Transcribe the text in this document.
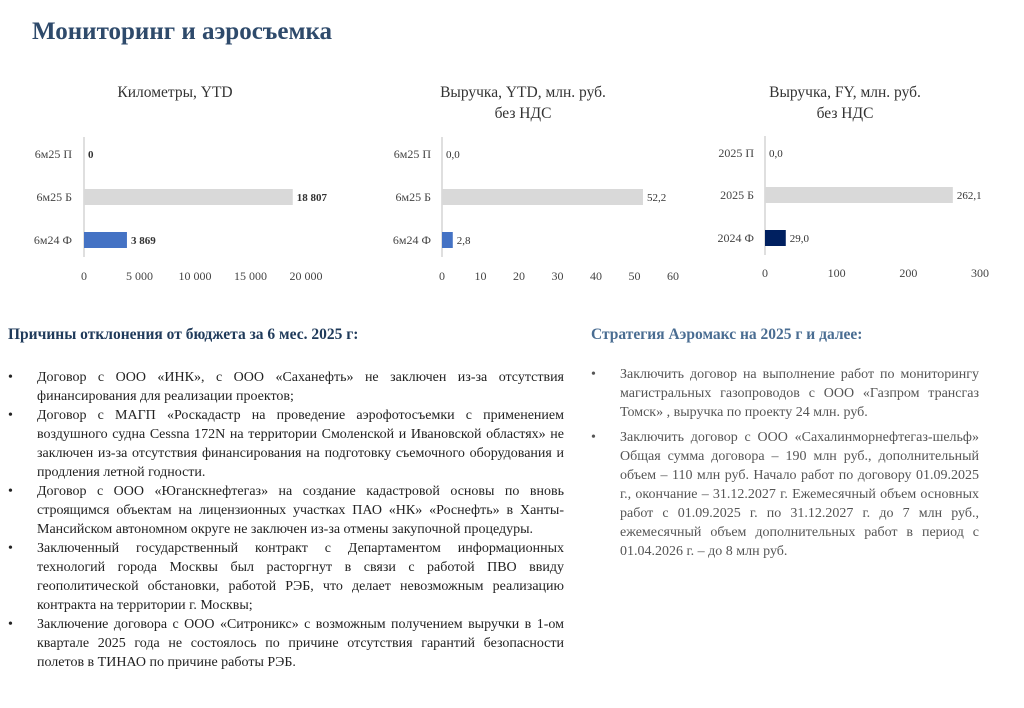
Мониторинг и аэросъемка
Километры, YTD
6м24 Ф	3 869
6м25 Б	18 807
6м25 П 0
0	5 000 10 000 15 000 20 000
Выручка, YTD, млн. руб.
без НДС
6м24 Ф 2,8
6м25 Б	52,2
6м25 П 0,0
0 10 20 30 40 50 60
Выручка, FY, млн. руб.
без НДС
2024 Ф	29,0
2025 Б	262,1
2025 П 0,0
0	100	200	300
Причины отклонения от бюджета за 6 мес. 2025 г:
• Договор с ООО «ИНК», с ООО «Саханефть» не заключен из-за отсутствия финансирования для реализации проектов;
• Договор с МАГП «Роскадастр на проведение аэрофотосъемки с применением воздушного судна Cessna 172N на территории Смоленской и Ивановской областях» не заключен из-за отсутствия финансирования на подготовку съемочного оборудования и продления летной годности.
• Договор с ООО «Юганскнефтегаз» на создание кадастровой основы по вновь строящимся объектам на лицензионных участках ПАО «НК» «Роснефть» в Ханты-Мансийском автономном округе не заключен из-за отмены закупочной процедуры.
• Заключенный государственный контракт с Департаментом информационных технологий города Москвы был расторгнут в связи с работой ПВО ввиду геополитической обстановки, работой РЭБ, что делает невозможным реализацию контракта на территории г. Москвы;
• Заключение договора с ООО «Ситроникс» с возможным получением выручки в 1-ом квартале 2025 года не состоялось по причине отсутствия гарантий безопасности полетов в ТИНАО по причине работы РЭБ.
Стратегия Аэромакс на 2025 г и далее:
• Заключить договор на выполнение работ по мониторингу магистральных газопроводов с ООО «Газпром трансгаз Томск» , выручка по проекту 24 млн. руб.
• Заключить договор с ООО «Сахалинморнефтегаз-шельф» Общая сумма договора – 190 млн руб., дополнительный объем – 110 млн руб. Начало работ по договору 01.09.2025 г., окончание – 31.12.2027 г. Ежемесячный объем основных работ с 01.09.2025 г. по 31.12.2027 г. до 7 млн руб., ежемесячный объем дополнительных работ в период с 01.04.2026 г. – до 8 млн руб.
